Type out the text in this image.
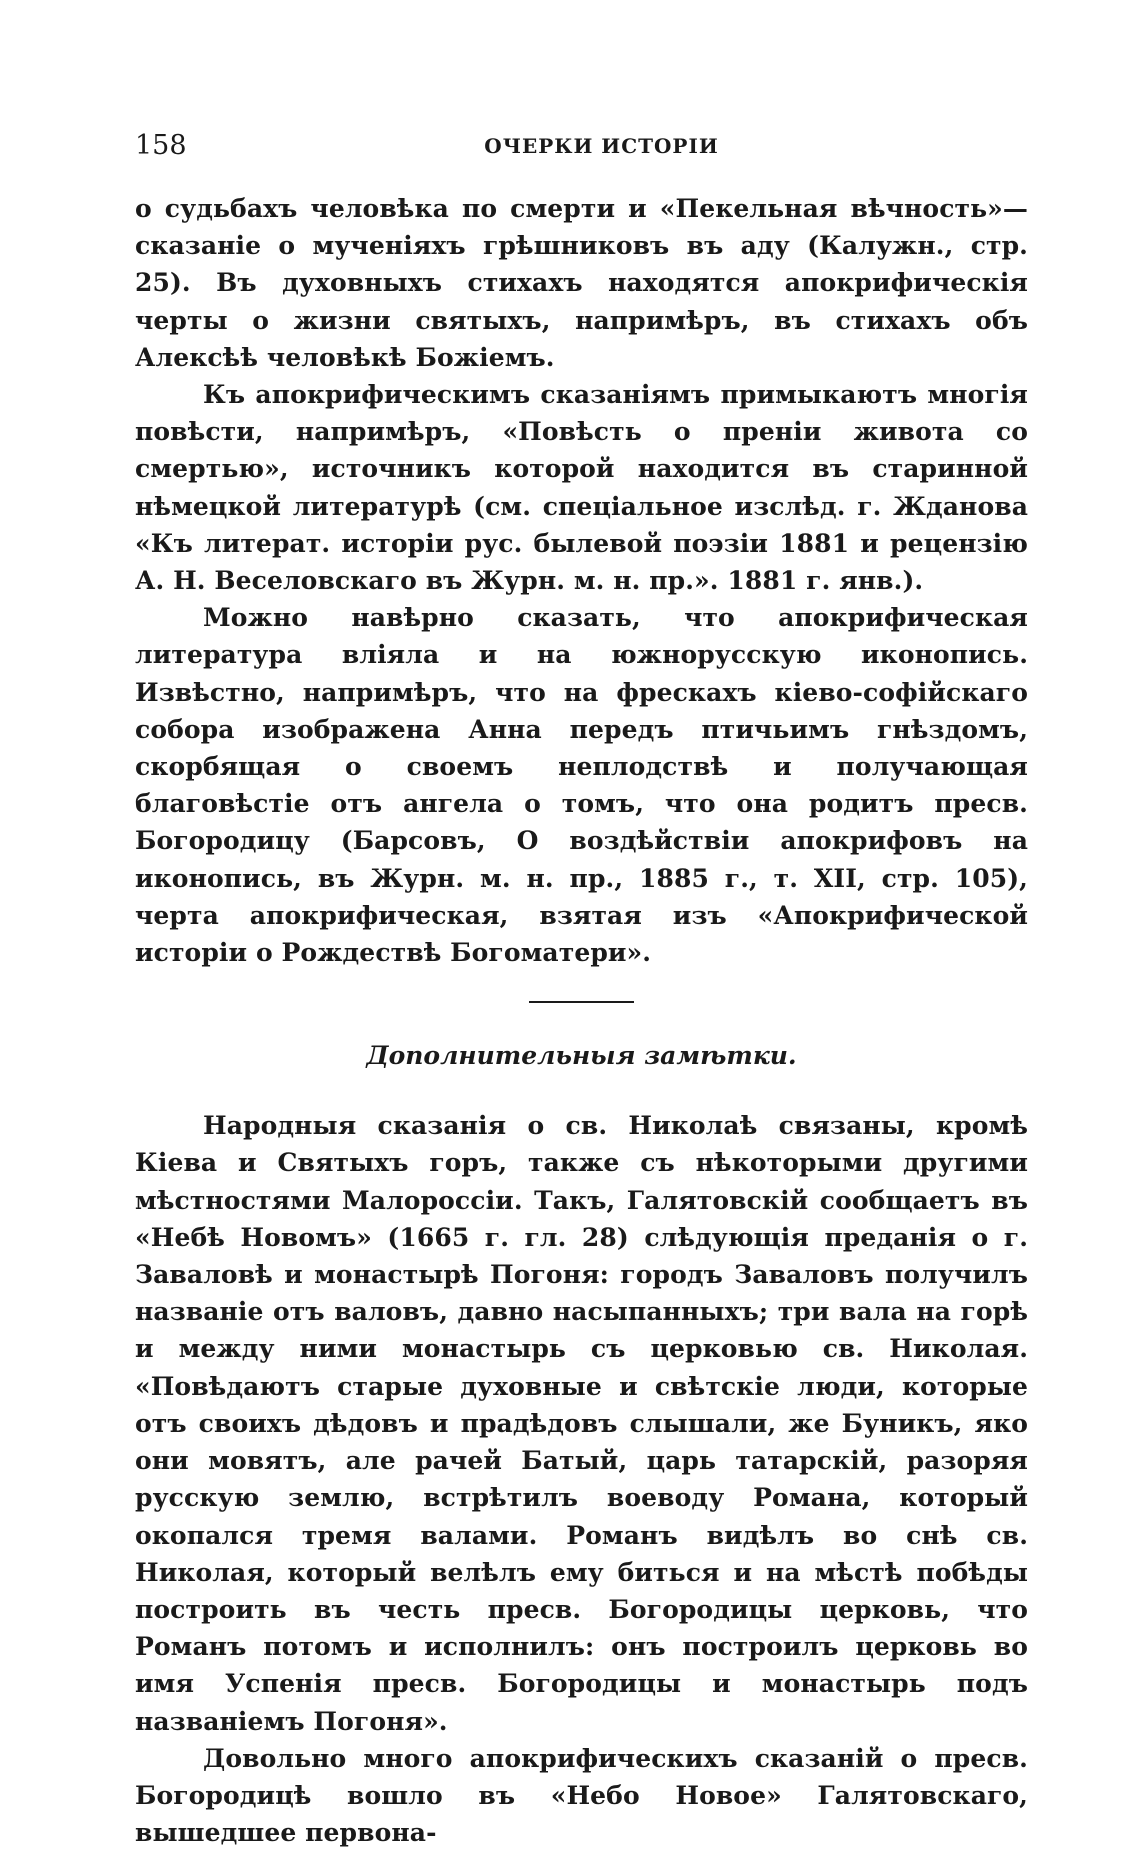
158	ОЧЕРКИ ИСТОРІИ

о судьбахъ человѣка по смерти и «Пекельная вѣчность»—сказаніе о мученіяхъ грѣшниковъ въ аду (Калужн., стр. 25). Въ духовныхъ стихахъ находятся апокрифическія черты о жизни святыхъ, напримѣръ, въ стихахъ объ Алексѣѣ человѣкѣ Божіемъ.

Къ апокрифическимъ сказаніямъ примыкаютъ многія повѣсти, напримѣръ, «Повѣсть о преніи живота со смертью», источникъ которой находится въ старинной нѣмецкой литературѣ (см. спеціальное изслѣд. г. Жданова «Къ литерат. исторіи рус. былевой поэзіи 1881 и рецензію А. Н. Веселовскаго въ Журн. м. н. пр.». 1881 г. янв.).

Можно навѣрно сказать, что апокрифическая литература вліяла и на южнорусскую иконопись. Извѣстно, напримѣръ, что на фрескахъ кіево-софійскаго собора изображена Анна передъ птичьимъ гнѣздомъ, скорбящая о своемъ неплодствѣ и получающая благовѣстіе отъ ангела о томъ, что она родитъ пресв. Богородицу (Барсовъ, О воздѣйствіи апокрифовъ на иконопись, въ Журн. м. н. пр., 1885 г., т. XII, стр. 105), черта апокрифическая, взятая изъ «Апокрифической исторіи о Рождествѣ Богоматери».

Дополнительныя замѣтки.

Народныя сказанія о св. Николаѣ связаны, кромѣ Кіева и Святыхъ горъ, также съ нѣкоторыми другими мѣстностями Малороссіи. Такъ, Галятовскій сообщаетъ въ «Небѣ Новомъ» (1665 г. гл. 28) слѣдующія преданія о г. Заваловѣ и монастырѣ Погоня: городъ Заваловъ получилъ названіе отъ валовъ, давно насыпанныхъ; три вала на горѣ и между ними монастырь съ церковью св. Николая. «Повѣдаютъ старые духовные и свѣтскіе люди, которые отъ своихъ дѣдовъ и прадѣдовъ слышали, же Буникъ, яко они мовятъ, але рачей Батый, царь татарскій, разоряя русскую землю, встрѣтилъ воеводу Романа, который окопался тремя валами. Романъ видѣлъ во снѣ св. Николая, который велѣлъ ему биться и на мѣстѣ побѣды построить въ честь пресв. Богородицы церковь, что Романъ потомъ и исполнилъ: онъ построилъ церковь во имя Успенія пресв. Богородицы и монастырь подъ названіемъ Погоня».

Довольно много апокрифическихъ сказаній о пресв. Богородицѣ вошло въ «Небо Новое» Галятовскаго, вышедшее первона-
